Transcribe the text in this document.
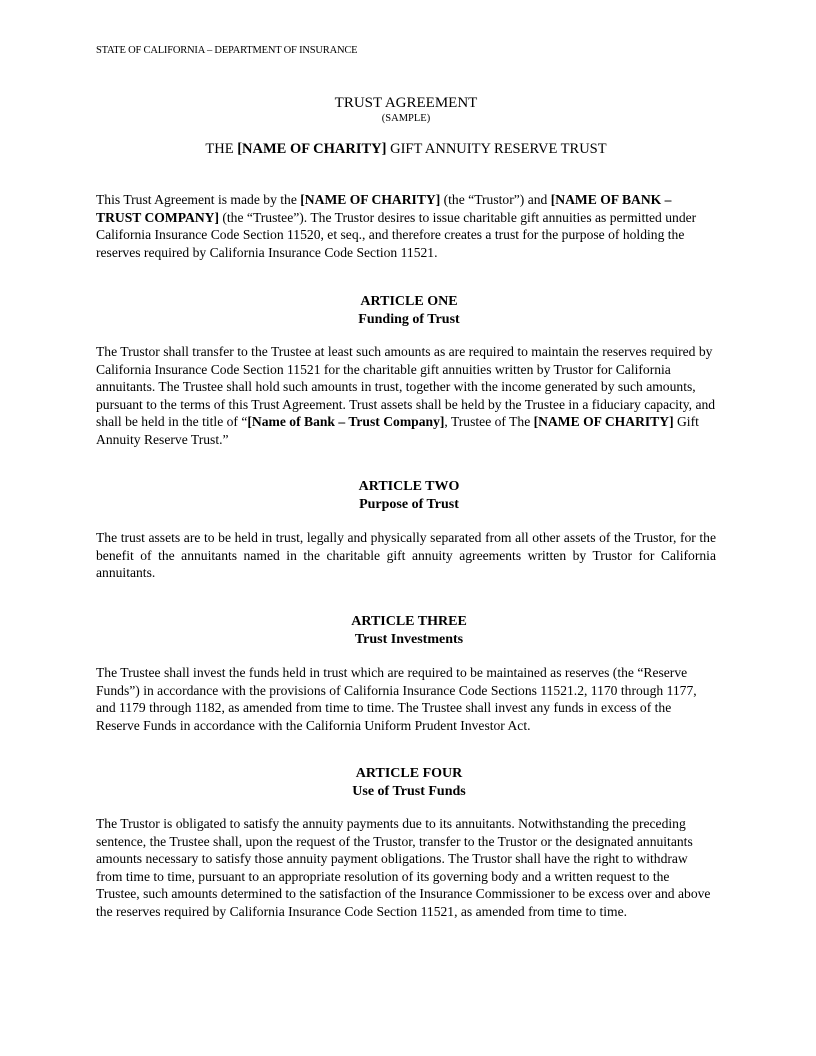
STATE OF CALIFORNIA – DEPARTMENT OF INSURANCE
TRUST AGREEMENT
(SAMPLE)
THE [NAME OF CHARITY] GIFT ANNUITY RESERVE TRUST
This Trust Agreement is made by the [NAME OF CHARITY] (the “Trustor”) and [NAME OF BANK – TRUST COMPANY] (the “Trustee”). The Trustor desires to issue charitable gift annuities as permitted under California Insurance Code Section 11520, et seq., and therefore creates a trust for the purpose of holding the reserves required by California Insurance Code Section 11521.
ARTICLE ONE
Funding of Trust
The Trustor shall transfer to the Trustee at least such amounts as are required to maintain the reserves required by California Insurance Code Section 11521 for the charitable gift annuities written by Trustor for California annuitants. The Trustee shall hold such amounts in trust, together with the income generated by such amounts, pursuant to the terms of this Trust Agreement. Trust assets shall be held by the Trustee in a fiduciary capacity, and shall be held in the title of “[Name of Bank – Trust Company], Trustee of The [NAME OF CHARITY] Gift Annuity Reserve Trust.”
ARTICLE TWO
Purpose of Trust
The trust assets are to be held in trust, legally and physically separated from all other assets of the Trustor, for the benefit of the annuitants named in the charitable gift annuity agreements written by Trustor for California annuitants.
ARTICLE THREE
Trust Investments
The Trustee shall invest the funds held in trust which are required to be maintained as reserves (the “Reserve Funds”) in accordance with the provisions of California Insurance Code Sections 11521.2, 1170 through 1177, and 1179 through 1182, as amended from time to time. The Trustee shall invest any funds in excess of the Reserve Funds in accordance with the California Uniform Prudent Investor Act.
ARTICLE FOUR
Use of Trust Funds
The Trustor is obligated to satisfy the annuity payments due to its annuitants. Notwithstanding the preceding sentence, the Trustee shall, upon the request of the Trustor, transfer to the Trustor or the designated annuitants amounts necessary to satisfy those annuity payment obligations. The Trustor shall have the right to withdraw from time to time, pursuant to an appropriate resolution of its governing body and a written request to the Trustee, such amounts determined to the satisfaction of the Insurance Commissioner to be excess over and above the reserves required by California Insurance Code Section 11521, as amended from time to time.
